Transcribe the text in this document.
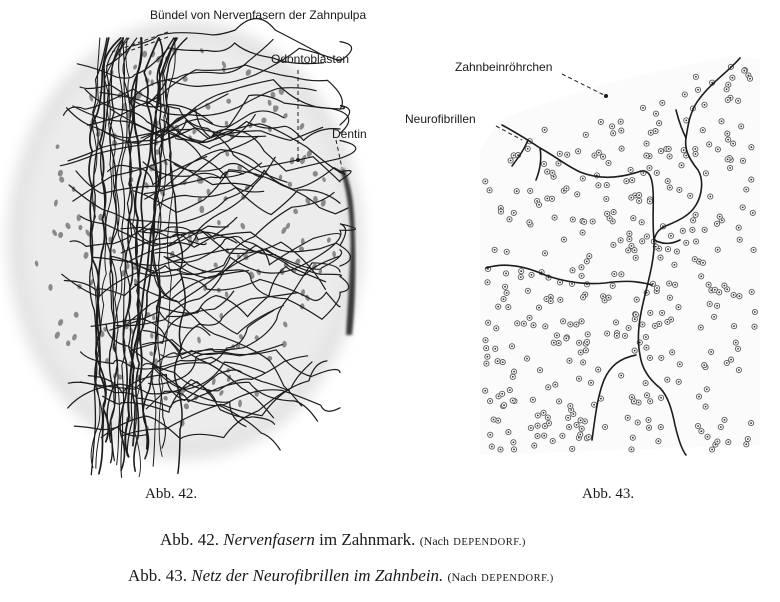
Bündel von Nervenfasern der Zahnpulpa

Odontoblasten

Dentin

Zahnbeinröhrchen

Neurofibrillen

Abb. 42.	Abb. 43.

Abb. 42. Nervenfasern im Zahnmark. (Nach DEPENDORF.)

Abb. 43. Netz der Neurofibrillen im Zahnbein. (Nach DEPENDORF.)
